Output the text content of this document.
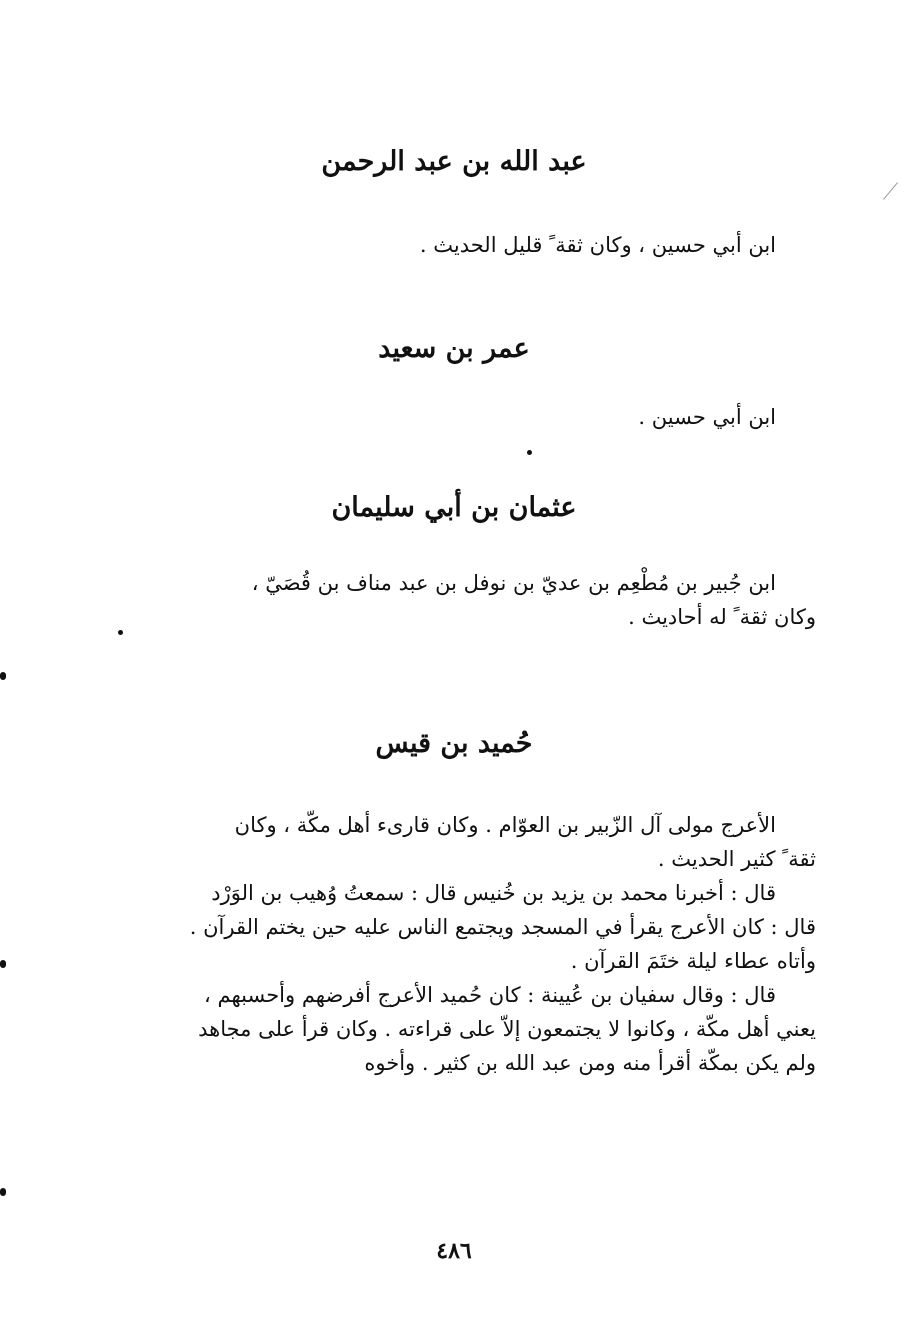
عبد الله بن عبد الرحمن
ابن أبي حسين ، وكان ثقة ً قليل الحديث .
عمر بن سعيد
ابن أبي حسين .
عثمان بن أبي سليمان
ابن جُبير بن مُطْعِم بن عديّ بن نوفل بن عبد مناف بن قُصَيّ ،
وكان ثقة ً له أحاديث .
حُميد بن قيس
الأعرج مولى آل الزّبير بن العوّام . وكان قارىء أهل مكّة ، وكان
ثقة ً كثير الحديث .
قال : أخبرنا محمد بن يزيد بن خُنيس قال : سمعتُ وُهيب بن الوَرْد
قال : كان الأعرج يقرأ في المسجد ويجتمع الناس عليه حين يختم القرآن .
وأتاه عطاء ليلة ختَمَ القرآن .
قال : وقال سفيان بن عُيينة : كان حُميد الأعرج أفرضهم وأحسبهم ،
يعني أهل مكّة ، وكانوا لا يجتمعون إلاّ على قراءته . وكان قرأ على مجاهد
ولم يكن بمكّة أقرأ منه ومن عبد الله بن كثير . وأخوه
٤٨٦
